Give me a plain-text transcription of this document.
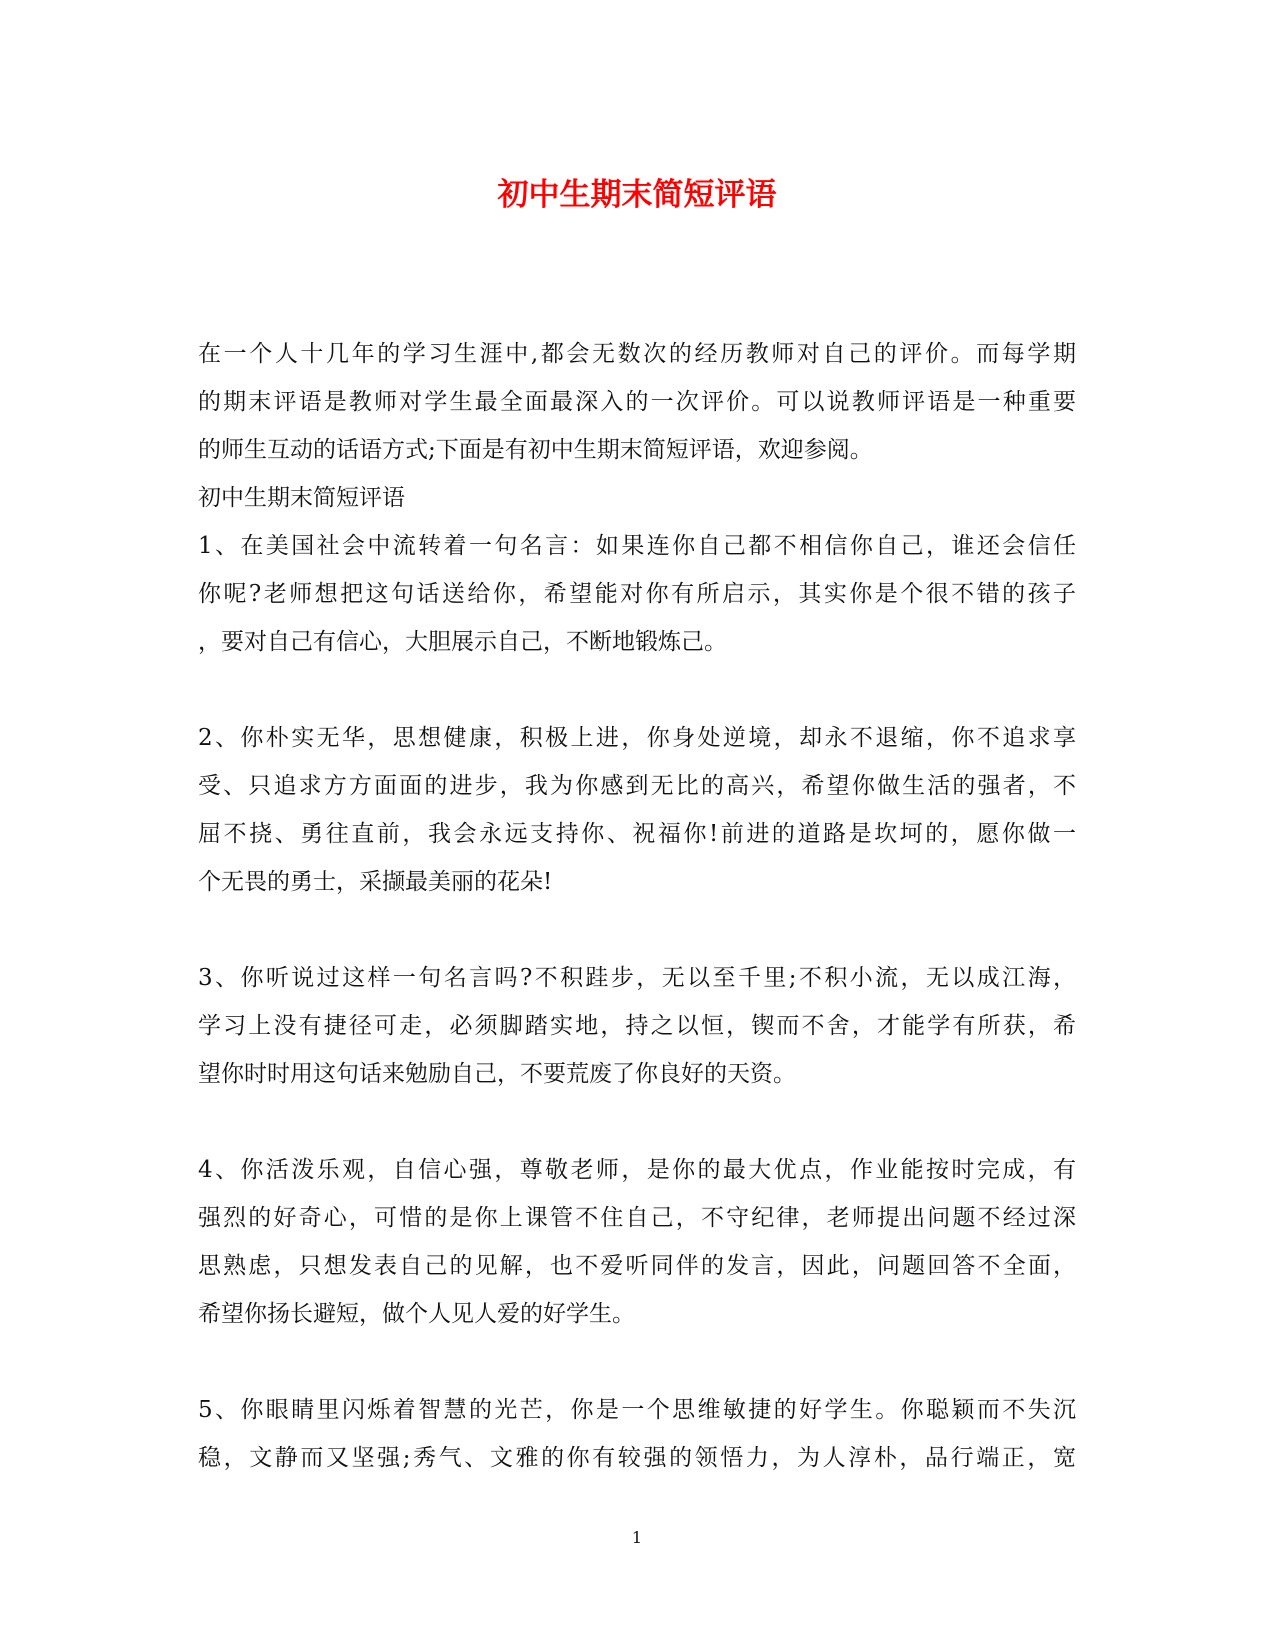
初中生期末简短评语
在一个人十几年的学习生涯中,都会无数次的经历教师对自己的评价。而每学期
的期末评语是教师对学生最全面最深入的一次评价。可以说教师评语是一种重要
的师生互动的话语方式;下面是有初中生期末简短评语，欢迎参阅。
初中生期末简短评语
1、在美国社会中流转着一句名言：如果连你自己都不相信你自己，谁还会信任
你呢?老师想把这句话送给你，希望能对你有所启示，其实你是个很不错的孩子
，要对自己有信心，大胆展示自己，不断地锻炼己。
2、你朴实无华，思想健康，积极上进，你身处逆境，却永不退缩，你不追求享
受、只追求方方面面的进步，我为你感到无比的高兴，希望你做生活的强者，不
屈不挠、勇往直前，我会永远支持你、祝福你!前进的道路是坎坷的，愿你做一
个无畏的勇士，采撷最美丽的花朵!
3、你听说过这样一句名言吗?不积跬步，无以至千里;不积小流，无以成江海，
学习上没有捷径可走，必须脚踏实地，持之以恒，锲而不舍，才能学有所获，希
望你时时用这句话来勉励自己，不要荒废了你良好的天资。
4、你活泼乐观，自信心强，尊敬老师，是你的最大优点，作业能按时完成，有
强烈的好奇心，可惜的是你上课管不住自己，不守纪律，老师提出问题不经过深
思熟虑，只想发表自己的见解，也不爱听同伴的发言，因此，问题回答不全面，
希望你扬长避短，做个人见人爱的好学生。
5、你眼睛里闪烁着智慧的光芒，你是一个思维敏捷的好学生。你聪颖而不失沉
稳，文静而又坚强;秀气、文雅的你有较强的领悟力，为人淳朴，品行端正，宽
1
